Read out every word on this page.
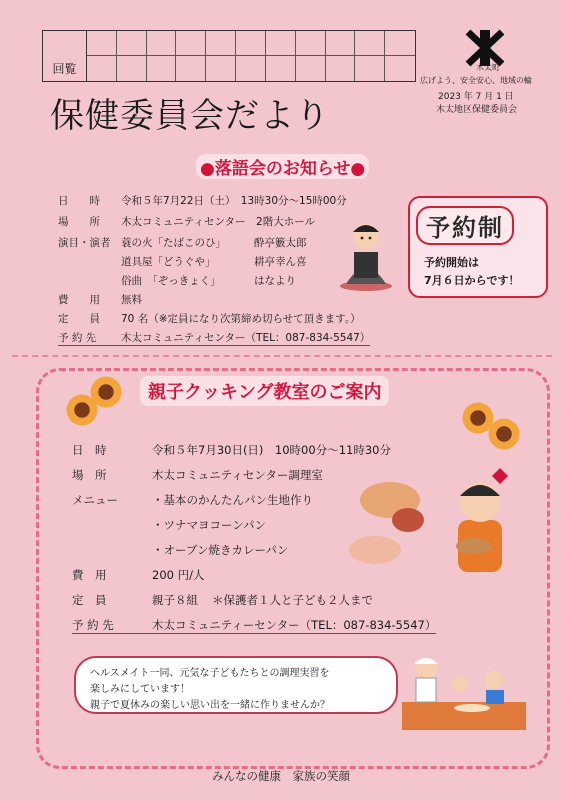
回覧
保健委員会だより
木太町
広げよう、安全安心、地域の輪
2023 年 7 月 1 日
木太地区保健委員会
●落語会のお知らせ●
日　　時 令和５年7月22日（土）　13時30分～15時00分
場　　所 木太コミュニティセンター　2階大ホール
演目・演者	蓑の火「たばこのひ」	酔亭籔太郎
道具屋「どうぐや」	耕亭幸ん喜
俗曲　「ぞっきょく」	はなより
費　　用 無料
定　　員 70 名（※定員になり次第締め切らせて頂きます。）
予 約 先 木太コミュニティセンター（TEL：087-834-5547）
予約制
予約開始は
7月６日からです！
親子クッキング教室のご案内
日　時	令和５年7月30日(日)　10時00分～11時30分
場　所	木太コミュニティセンター調理室
メニュー	・基本のかんたんパン生地作り
・ツナマヨコーンパン
・オーブン焼きカレーパン
費　用	200 円/人
定　員	親子８組 ＊保護者１人と子ども２人まで
予 約 先	木太コミュニティーセンター（TEL：087-834-5547）
ヘルスメイト一同、元気な子どもたちとの調理実習を
楽しみにしています！
親子で夏休みの楽しい思い出を一緒に作りませんか？
みんなの健康　家族の笑顔
